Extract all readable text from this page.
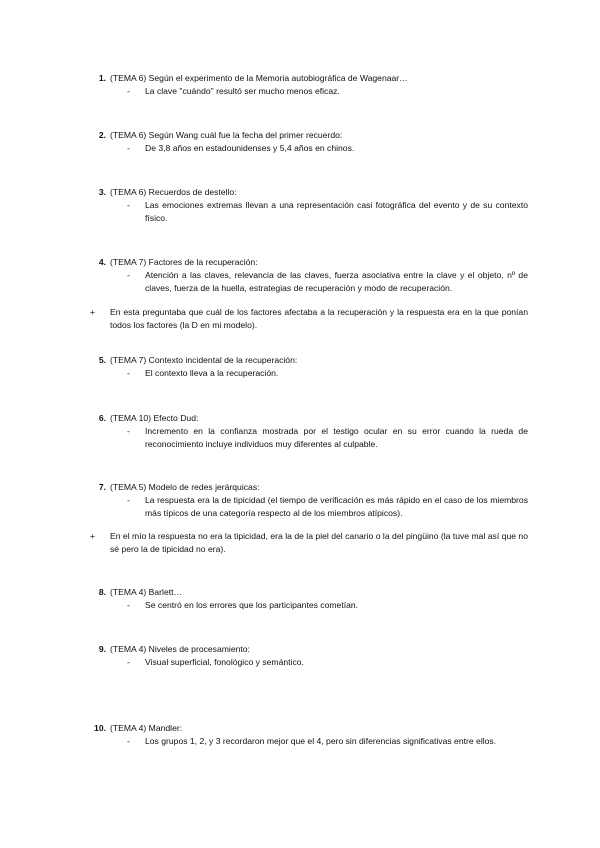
1. (TEMA 6) Según el experimento de la Memoria autobiográfica de Wagenaar…
-	La clave "cuándo" resultó ser mucho menos eficaz.
2. (TEMA 6) Según Wang cuál fue la fecha del primer recuerdo:
-	De 3,8 años en estadounidenses y 5,4 años en chinos.
3. (TEMA 6) Recuerdos de destello:
-	Las emociones extremas llevan a una representación casi fotográfica del evento y de su contexto físico.
4. (TEMA 7) Factores de la recuperación:
-	Atención a las claves, relevancia de las claves, fuerza asociativa entre la clave y el objeto, nº de claves, fuerza de la huella, estrategias de recuperación y modo de recuperación.
+	En esta preguntaba que cuál de los factores afectaba a la recuperación y la respuesta era en la que ponían todos los factores (la D en mi modelo).
5. (TEMA 7) Contexto incidental de la recuperación:
-	El contexto lleva a la recuperación.
6. (TEMA 10) Efecto Dud:
-	Incremento en la confianza mostrada por el testigo ocular en su error cuando la rueda de reconocimiento incluye individuos muy diferentes al culpable.
7. (TEMA 5) Modelo de redes jerárquicas:
-	La respuesta era la de tipicidad (el tiempo de verificación es más rápido en el caso de los miembros más típicos de una categoría respecto al de los miembros atípicos).
+	En el mío la respuesta no era la tipicidad, era la de la piel del canario o la del pingüino (la tuve mal así que no sé pero la de tipicidad no era).
8. (TEMA 4) Barlett…
-	Se centró en los errores que los participantes cometían.
9. (TEMA 4) Niveles de procesamiento:
-	Visual superficial, fonológico y semántico.
10. (TEMA 4) Mandler:
-	Los grupos 1, 2, y 3 recordaron mejor que el 4, pero sin diferencias significativas entre ellos.
